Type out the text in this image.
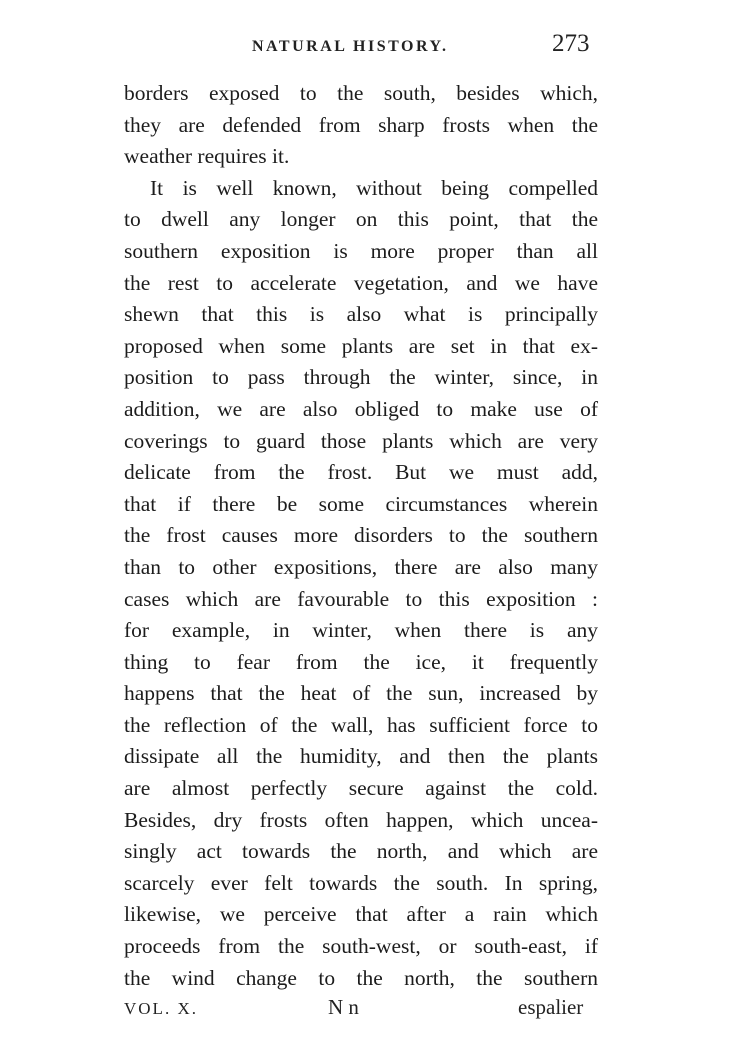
NATURAL HISTORY.	273
borders exposed to the south, besides which,
they are defended from sharp frosts when the
weather requires it.
It is well known, without being compelled
to dwell any longer on this point, that the
southern exposition is more proper than all
the rest to accelerate vegetation, and we have
shewn that this is also what is principally
proposed when some plants are set in that ex-
position to pass through the winter, since, in
addition, we are also obliged to make use of
coverings to guard those plants which are very
delicate from the frost. But we must add,
that if there be some circumstances wherein
the frost causes more disorders to the southern
than to other expositions, there are also many
cases which are favourable to this exposition :
for example, in winter, when there is any
thing to fear from the ice, it frequently
happens that the heat of the sun, increased by
the reflection of the wall, has sufficient force to
dissipate all the humidity, and then the plants
are almost perfectly secure against the cold.
Besides, dry frosts often happen, which uncea-
singly act towards the north, and which are
scarcely ever felt towards the south. In spring,
likewise, we perceive that after a rain which
proceeds from the south-west, or south-east, if
the wind change to the north, the southern
VOL. X.	N n	espalier
